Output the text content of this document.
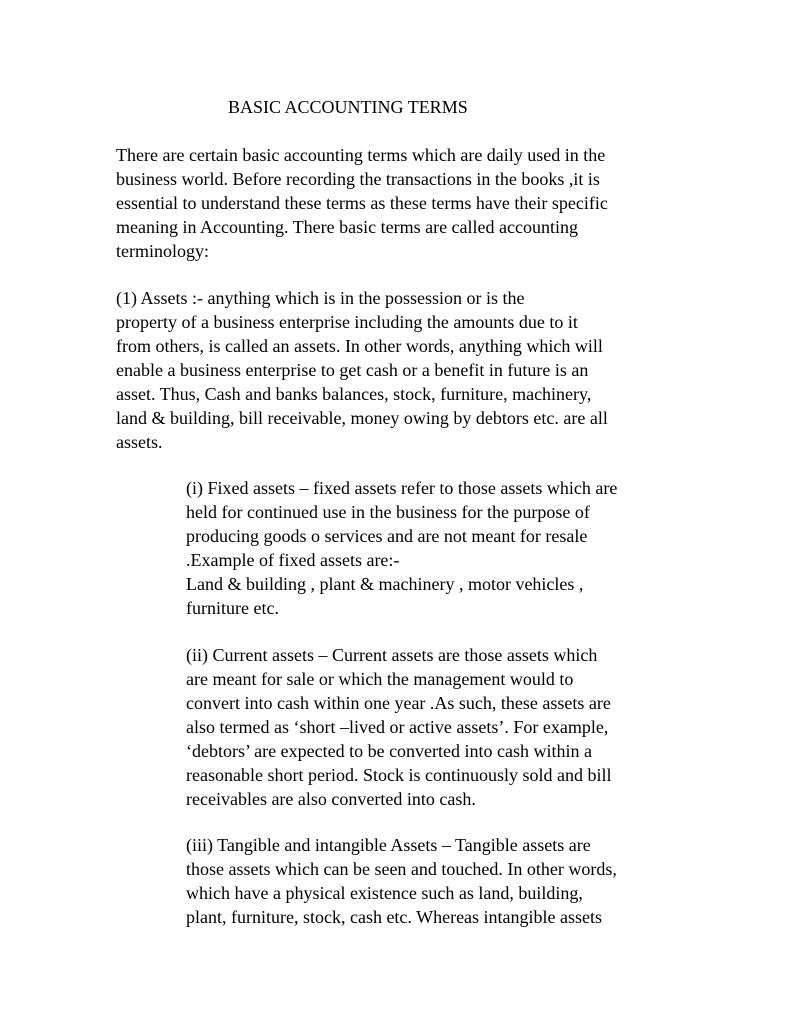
BASIC ACCOUNTING TERMS
There are certain basic accounting terms which are daily used in the
business world. Before recording the transactions in the books ,it is
essential to understand these terms as these terms have their specific
meaning in Accounting. There basic terms are called accounting
terminology:
(1) Assets :- anything which is in the possession or is the
property of a business enterprise including the amounts due to it
from others, is called an assets. In other words, anything which will
enable a business enterprise to get cash or a benefit in future is an
asset. Thus, Cash and banks balances, stock, furniture, machinery,
land & building, bill receivable, money owing by debtors etc. are all
assets.
(i) Fixed assets – fixed assets refer to those assets which are
held for continued use in the business for the purpose of
producing goods o services and are not meant for resale
.Example of fixed assets are:-
Land & building , plant & machinery , motor vehicles ,
furniture etc.
(ii) Current assets – Current assets are those assets which
are meant for sale or which the management would to
convert into cash within one year .As such, these assets are
also termed as ‘short –lived or active assets’. For example,
‘debtors’ are expected to be converted into cash within a
reasonable short period. Stock is continuously sold and bill
receivables are also converted into cash.
(iii) Tangible and intangible Assets – Tangible assets are
those assets which can be seen and touched. In other words,
which have a physical existence such as land, building,
plant, furniture, stock, cash etc. Whereas intangible assets
